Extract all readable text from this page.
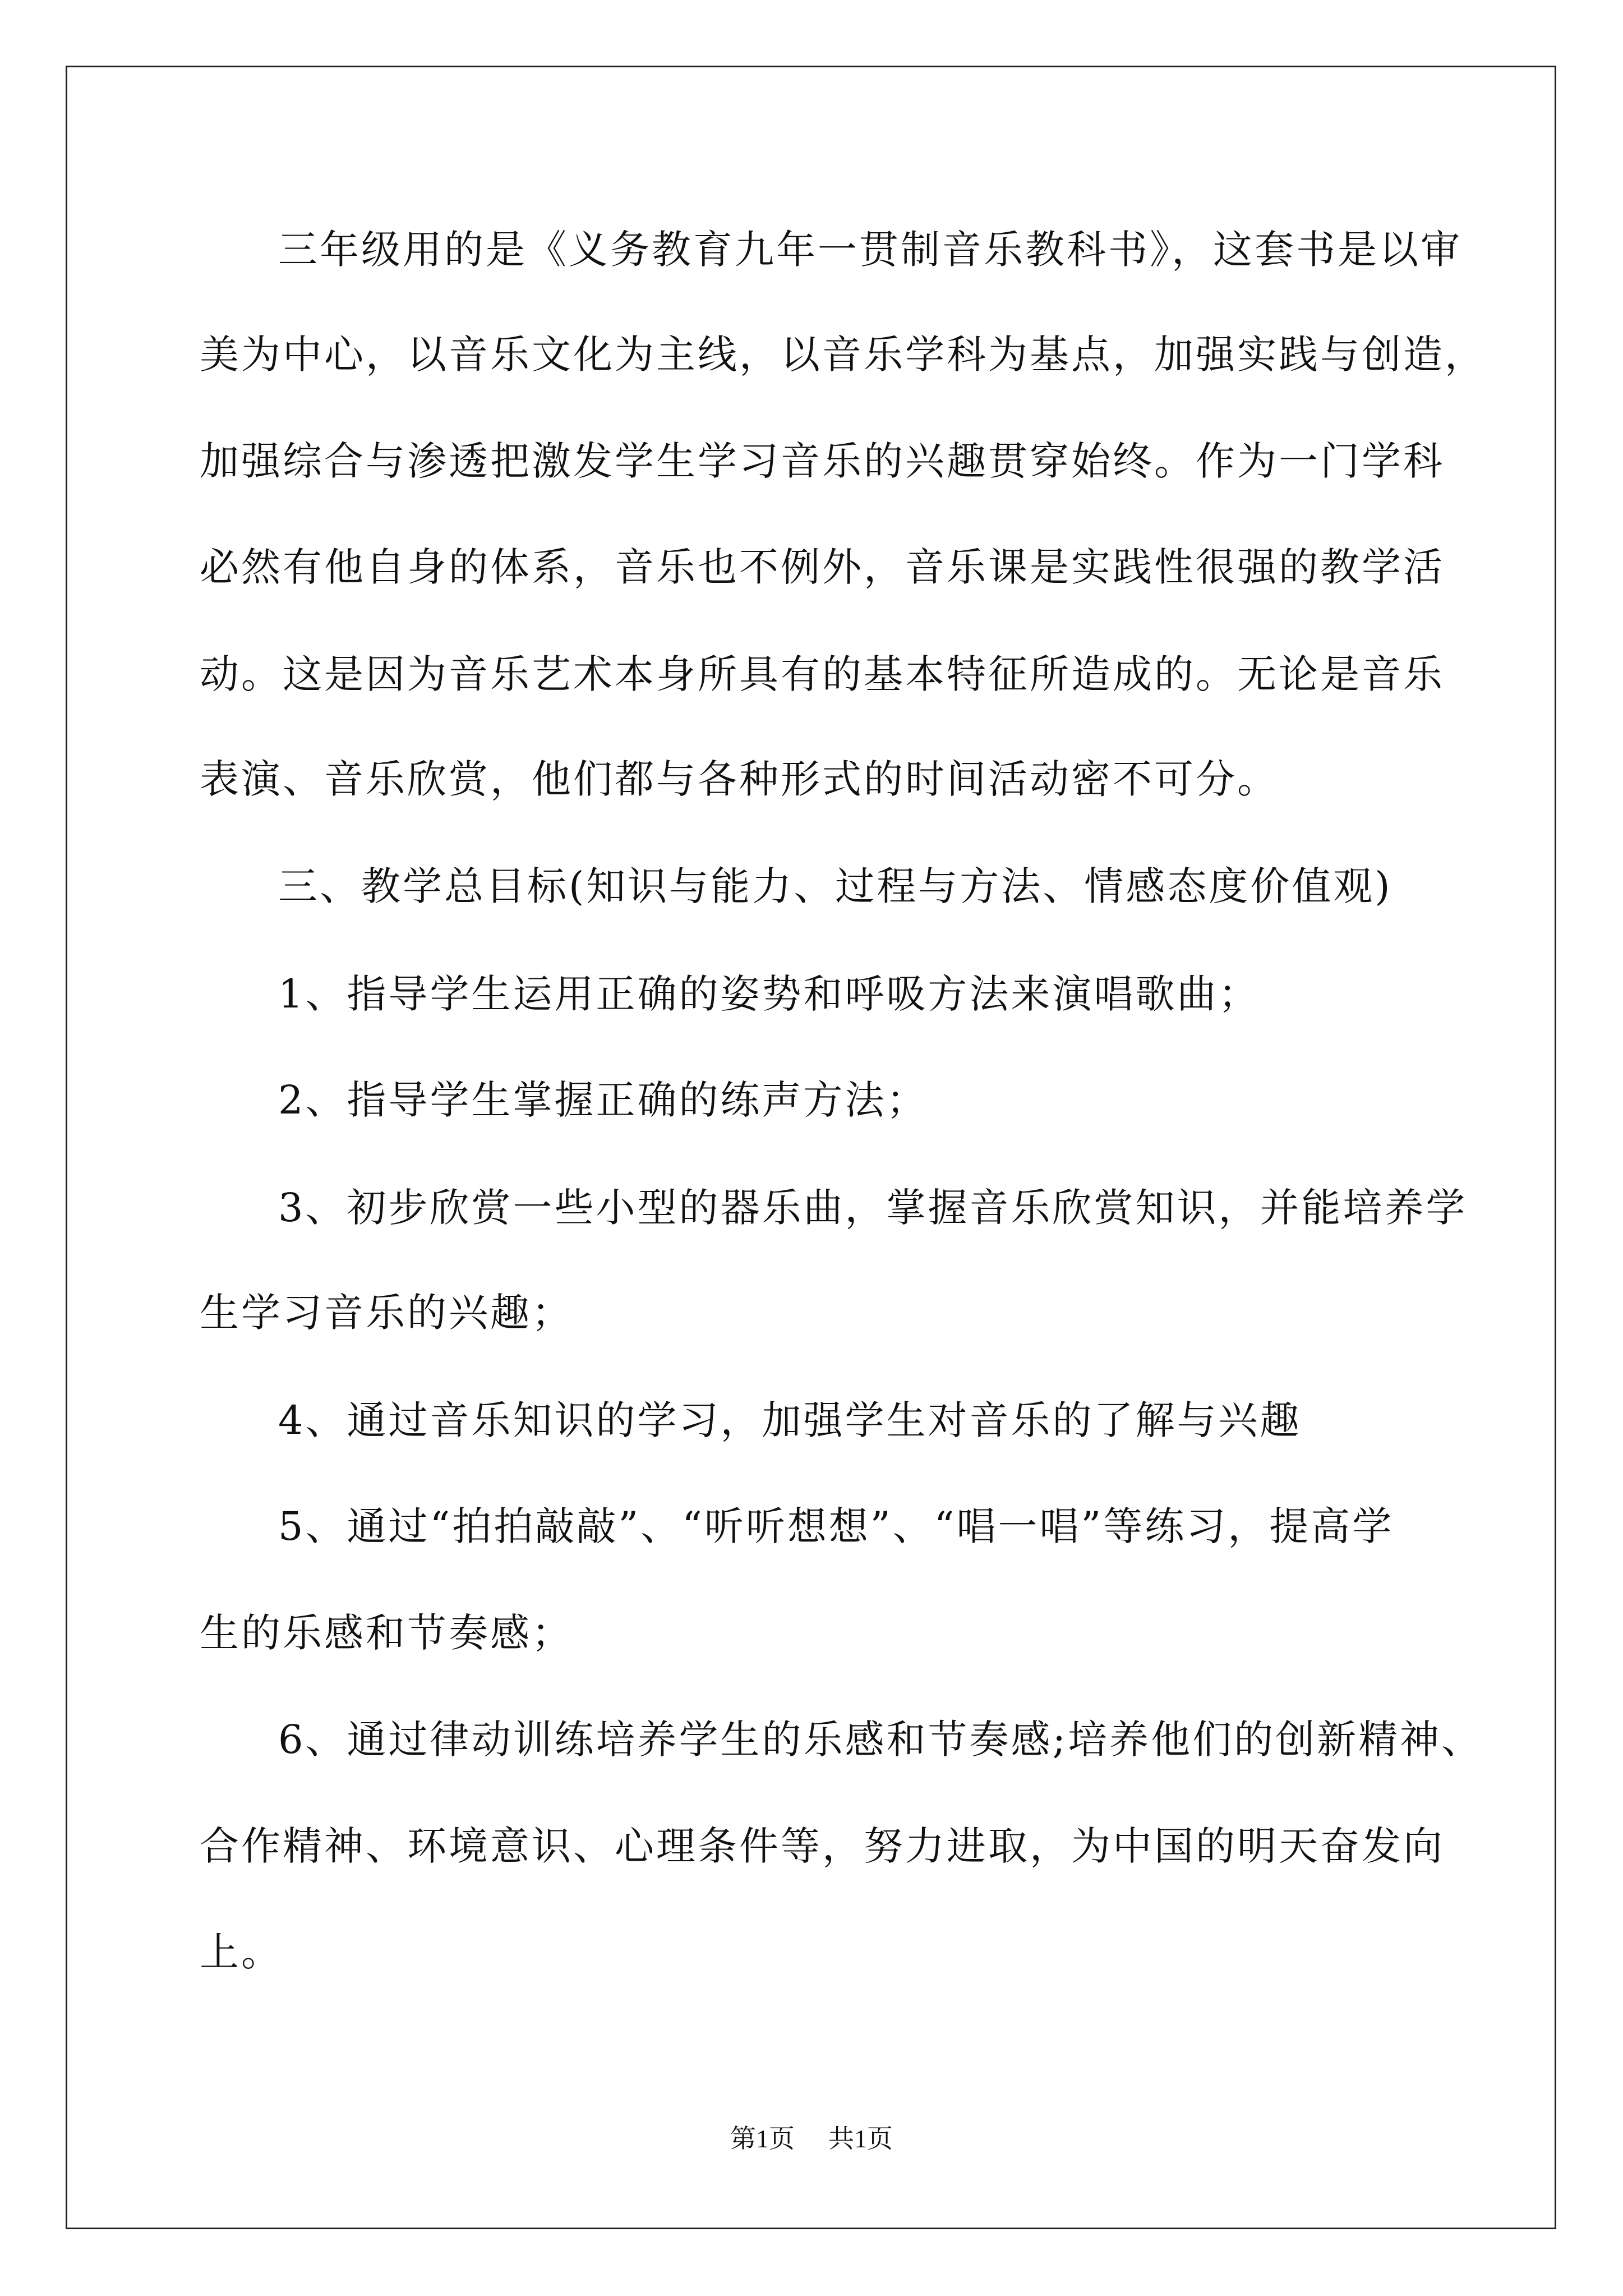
三年级用的是《义务教育九年一贯制音乐教科书》，这套书是以审
美为中心，以音乐文化为主线，以音乐学科为基点，加强实践与创造，
加强综合与渗透把激发学生学习音乐的兴趣贯穿始终。作为一门学科
必然有他自身的体系，音乐也不例外，音乐课是实践性很强的教学活
动。这是因为音乐艺术本身所具有的基本特征所造成的。无论是音乐
表演、音乐欣赏，他们都与各种形式的时间活动密不可分。
三、教学总目标(知识与能力、过程与方法、情感态度价值观)
1、指导学生运用正确的姿势和呼吸方法来演唱歌曲；
2、指导学生掌握正确的练声方法；
3、初步欣赏一些小型的器乐曲，掌握音乐欣赏知识，并能培养学
生学习音乐的兴趣；
4、通过音乐知识的学习，加强学生对音乐的了解与兴趣
5、通过“拍拍敲敲”、“听听想想”、“唱一唱”等练习，提高学
生的乐感和节奏感；
6、通过律动训练培养学生的乐感和节奏感;培养他们的创新精神、
合作精神、环境意识、心理条件等，努力进取，为中国的明天奋发向
上。
第1页 共1页
